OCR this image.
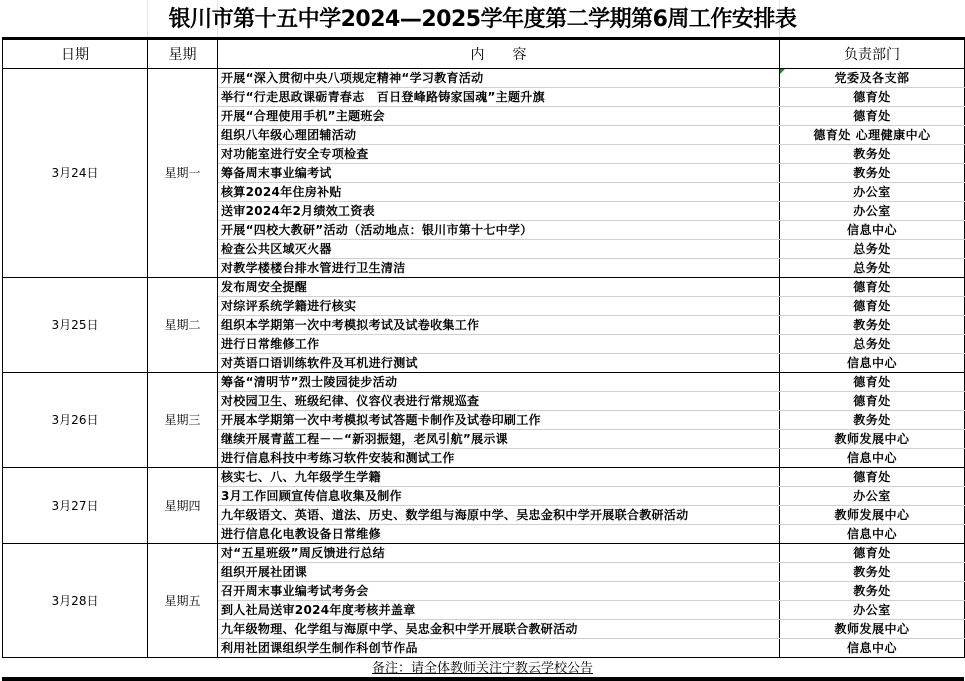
银川市第十五中学2024—2025学年度第二学期第6周工作安排表
日期	星期	内　　容	负责部门
3月24日	星期一	开展“深入贯彻中央八项规定精神“学习教育活动	党委及各支部
		举行“行走思政课砺青春志　百日登峰路铸家国魂”主题升旗	德育处
		开展“合理使用手机”主题班会	德育处
		组织八年级心理团辅活动	德育处 心理健康中心
		对功能室进行安全专项检查	教务处
		筹备周末事业编考试	教务处
		核算2024年住房补贴	办公室
		送审2024年2月绩效工资表	办公室
		开展“四校大教研”活动（活动地点：银川市第十七中学）	信息中心
		检查公共区域灭火器	总务处
		对教学楼楼台排水管进行卫生清洁	总务处
3月25日	星期二	发布周安全提醒	德育处
		对综评系统学籍进行核实	德育处
		组织本学期第一次中考模拟考试及试卷收集工作	教务处
		进行日常维修工作	总务处
		对英语口语训练软件及耳机进行测试	信息中心
3月26日	星期三	筹备“清明节”烈士陵园徒步活动	德育处
		对校园卫生、班级纪律、仪容仪表进行常规巡查	德育处
		开展本学期第一次中考模拟考试答题卡制作及试卷印刷工作	教务处
		继续开展青蓝工程－－“新羽振翅，老凤引航”展示课	教师发展中心
		进行信息科技中考练习软件安装和测试工作	信息中心
3月27日	星期四	核实七、八、九年级学生学籍	德育处
		3月工作回顾宣传信息收集及制作	办公室
		九年级语文、英语、道法、历史、数学组与海原中学、吴忠金积中学开展联合教研活动	教师发展中心
		进行信息化电教设备日常维修	信息中心
3月28日	星期五	对“五星班级”周反馈进行总结	德育处
		组织开展社团课	教务处
		召开周末事业编考试考务会	教务处
		到人社局送审2024年度考核并盖章	办公室
		九年级物理、化学组与海原中学、吴忠金积中学开展联合教研活动	教师发展中心
		利用社团课组织学生制作科创节作品	信息中心
备注：请全体教师关注宁教云学校公告
